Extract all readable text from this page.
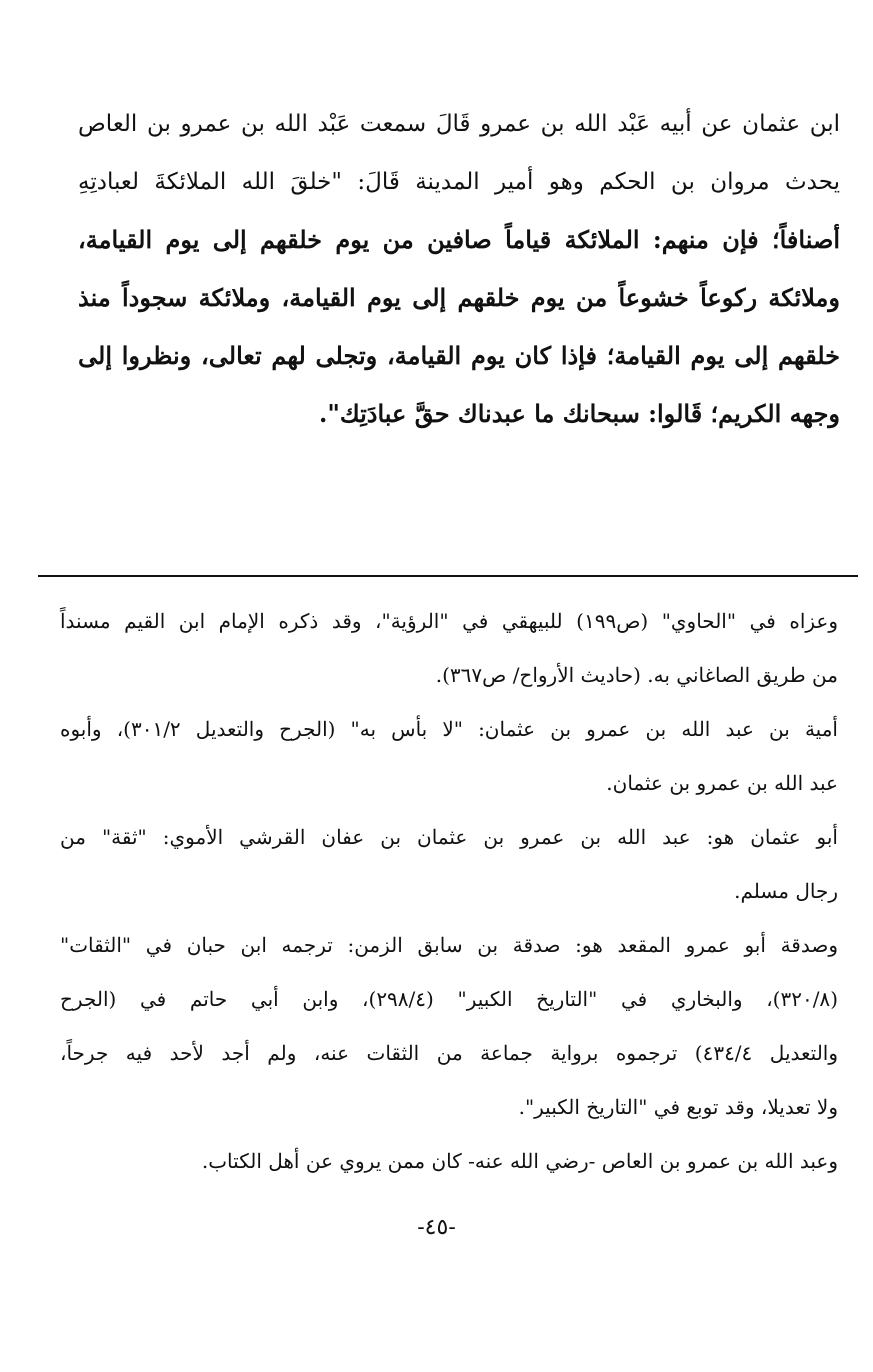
ابن عثمان عن أبيه عَبْد الله بن عمرو قَالَ سمعت عَبْد الله بن عمرو بن العاص
يحدث مروان بن الحكم وهو أمير المدينة قَالَ: "خلقَ الله الملائكةَ لعبادتِهِ
أصنافاً؛ فإن منهم: الملائكة قياماً صافين من يوم خلقهم إلى يوم القيامة،
وملائكة ركوعاً خشوعاً من يوم خلقهم إلى يوم القيامة، وملائكة سجوداً منذ
خلقهم إلى يوم القيامة؛ فإذا كان يوم القيامة، وتجلى لهم تعالى، ونظروا إلى
وجهه الكريم؛ قَالوا: سبحانك ما عبدناك حقَّ عبادَتِك".
وعزاه في "الحاوي" (ص١٩٩) للبيهقي في "الرؤية"، وقد ذكره الإمام ابن القيم مسنداً
من طريق الصاغاني به. (حاديث الأرواح/ ص٣٦٧).
أمية بن عبد الله بن عمرو بن عثمان: "لا بأس به" (الجرح والتعديل ٣٠١/٢)، وأبوه
عبد الله بن عمرو بن عثمان.
أبو عثمان هو: عبد الله بن عمرو بن عثمان بن عفان القرشي الأموي: "ثقة" من
رجال مسلم.
وصدقة أبو عمرو المقعد هو: صدقة بن سابق الزمن: ترجمه ابن حبان في "الثقات"
(٣٢٠/٨)، والبخاري في "التاريخ الكبير" (٢٩٨/٤)، وابن أبي حاتم في (الجرح
والتعديل ٤٣٤/٤) ترجموه برواية جماعة من الثقات عنه، ولم أجد لأحد فيه جرحاً،
ولا تعديلا، وقد توبع في "التاريخ الكبير".
وعبد الله بن عمرو بن العاص -رضي الله عنه- كان ممن يروي عن أهل الكتاب.
-٤٥-
